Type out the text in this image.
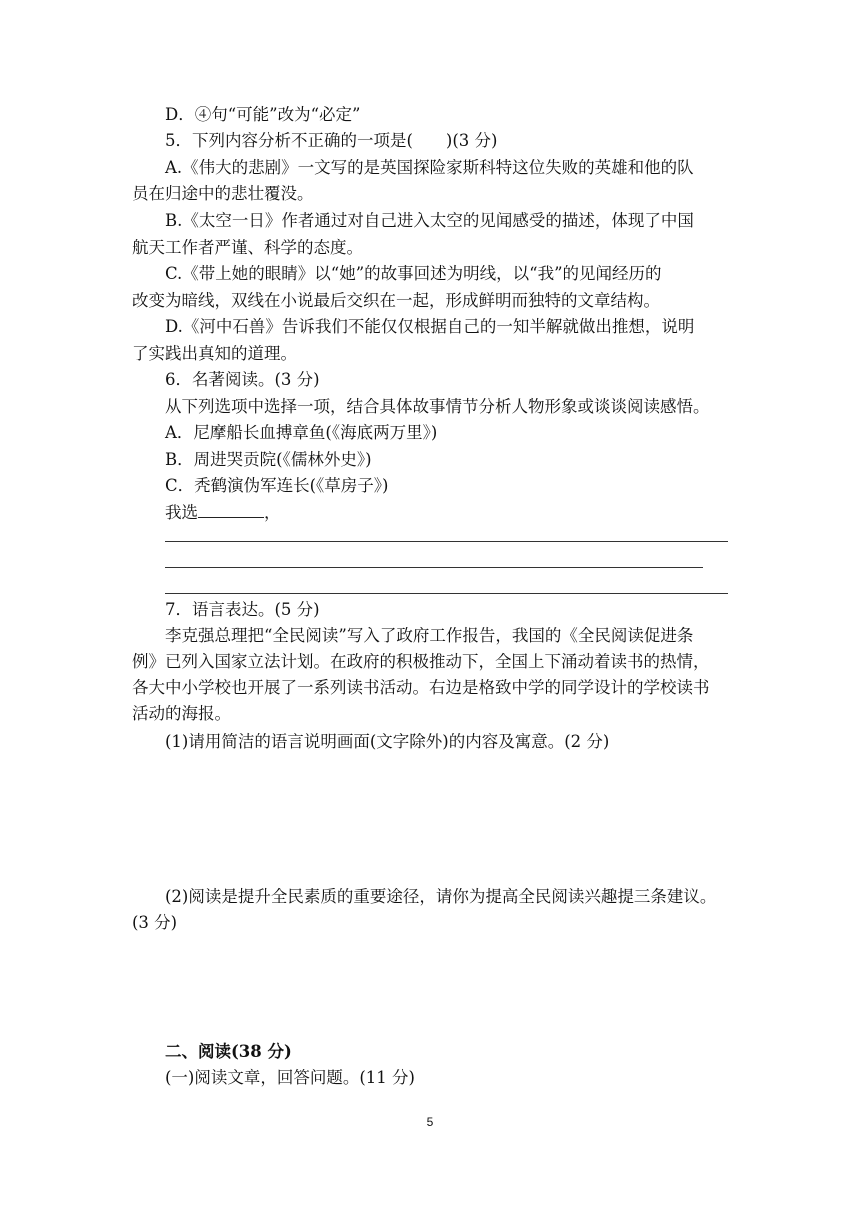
D．④句“可能”改为“必定”
5．下列内容分析不正确的一项是(　　)(3 分)
A.《伟大的悲剧》一文写的是英国探险家斯科特这位失败的英雄和他的队
员在归途中的悲壮覆没。
B.《太空一日》作者通过对自己进入太空的见闻感受的描述，体现了中国
航天工作者严谨、科学的态度。
C.《带上她的眼睛》以“她”的故事回述为明线，以“我”的见闻经历的
改变为暗线，双线在小说最后交织在一起，形成鲜明而独特的文章结构。
D.《河中石兽》告诉我们不能仅仅根据自己的一知半解就做出推想，说明
了实践出真知的道理。
6．名著阅读。(3 分)
从下列选项中选择一项，结合具体故事情节分析人物形象或谈谈阅读感悟。
A．尼摩船长血搏章鱼(《海底两万里》)
B．周进哭贡院(《儒林外史》)
C．秃鹤演伪军连长(《草房子》)
我选	，
7．语言表达。(5 分)
李克强总理把“全民阅读”写入了政府工作报告，我国的《全民阅读促进条
例》已列入国家立法计划。在政府的积极推动下，全国上下涌动着读书的热情，
各大中小学校也开展了一系列读书活动。右边是格致中学的同学设计的学校读书
活动的海报。
(1)请用简洁的语言说明画面(文字除外)的内容及寓意。(2 分)
(2)阅读是提升全民素质的重要途径，请你为提高全民阅读兴趣提三条建议。
(3 分)
二、阅读(38 分)
(一)阅读文章，回答问题。(11 分)
5
